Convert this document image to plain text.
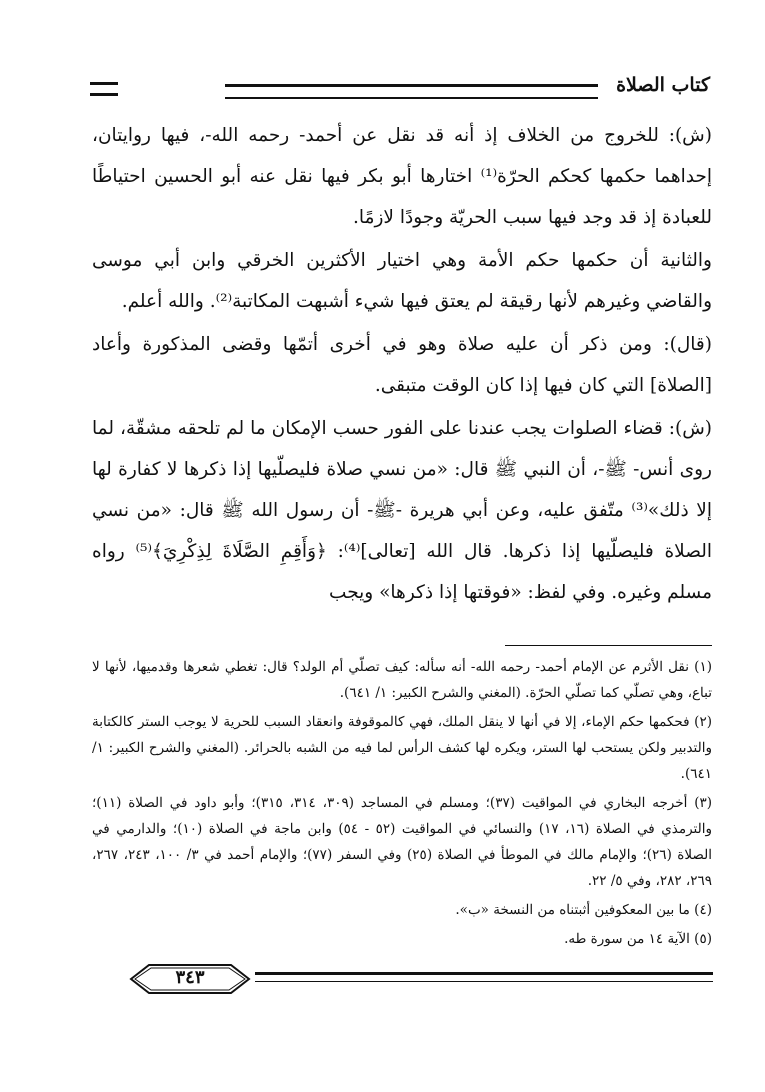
كتاب الصلاة

(ش): للخروج من الخلاف إذ أنه قد نقل عن أحمد- رحمه الله-، فيها روايتان، إحداهما حكمها كحكم الحرّة⁽¹⁾ اختارها أبو بكر فيها نقل عنه أبو الحسين احتياطًا للعبادة إذ قد وجد فيها سبب الحريّة وجودًا لازمًا.

والثانية أن حكمها حكم الأمة وهي اختيار الأكثرين الخرقي وابن أبي موسى والقاضي وغيرهم لأنها رقيقة لم يعتق فيها شيء أشبهت المكاتبة⁽²⁾. والله أعلم.

(قال): ومن ذكر أن عليه صلاة وهو في أخرى أتمّها وقضى المذكورة وأعاد [الصلاة] التي كان فيها إذا كان الوقت متبقى.

(ش): قضاء الصلوات يجب عندنا على الفور حسب الإمكان ما لم تلحقه مشقّة، لما روى أنس- ﷺ-، أن النبي ﷺ قال: «من نسي صلاة فليصلّيها إذا ذكرها لا كفارة لها إلا ذلك»⁽³⁾ متّفق عليه، وعن أبي هريرة -ﷺ- أن رسول الله ﷺ قال: «من نسي الصلاة فليصلّيها إذا ذكرها. قال الله [تعالى]⁽⁴⁾: ﴿وَأَقِمِ الصَّلَاةَ لِذِكْرِيَ﴾⁽⁵⁾ رواه مسلم وغيره. وفي لفظ: «فوقتها إذا ذكرها» ويجب

(١) نقل الأثرم عن الإمام أحمد- رحمه الله- أنه سأله: كيف تصلّي أم الولد؟ قال: تغطي شعرها وقدميها، لأنها لا تباع، وهي تصلّي كما تصلّي الحرّة. (المغني والشرح الكبير: ١/ ٦٤١).

(٢) فحكمها حكم الإماء، إلا في أنها لا ينقل الملك، فهي كالموقوفة وانعقاد السبب للحرية لا يوجب الستر كالكتابة والتدبير ولكن يستحب لها الستر، ويكره لها كشف الرأس لما فيه من الشبه بالحرائر. (المغني والشرح الكبير: ١/ ٦٤١).

(٣) أخرجه البخاري في المواقيت (٣٧)؛ ومسلم في المساجد (٣٠٩، ٣١٤، ٣١٥)؛ وأبو داود في الصلاة (١١)؛ والترمذي في الصلاة (١٦، ١٧) والنسائي في المواقيت (٥٢ - ٥٤) وابن ماجة في الصلاة (١٠)؛ والدارمي في الصلاة (٢٦)؛ والإمام مالك في الموطأ في الصلاة (٢٥) وفي السفر (٧٧)؛ والإمام أحمد في ٣/ ١٠٠، ٢٤٣، ٢٦٧، ٢٦٩، ٢٨٢، وفي ٥/ ٢٢.

(٤) ما بين المعكوفين أثبتناه من النسخة «ب».

(٥) الآية ١٤ من سورة طه.

٣٤٣
